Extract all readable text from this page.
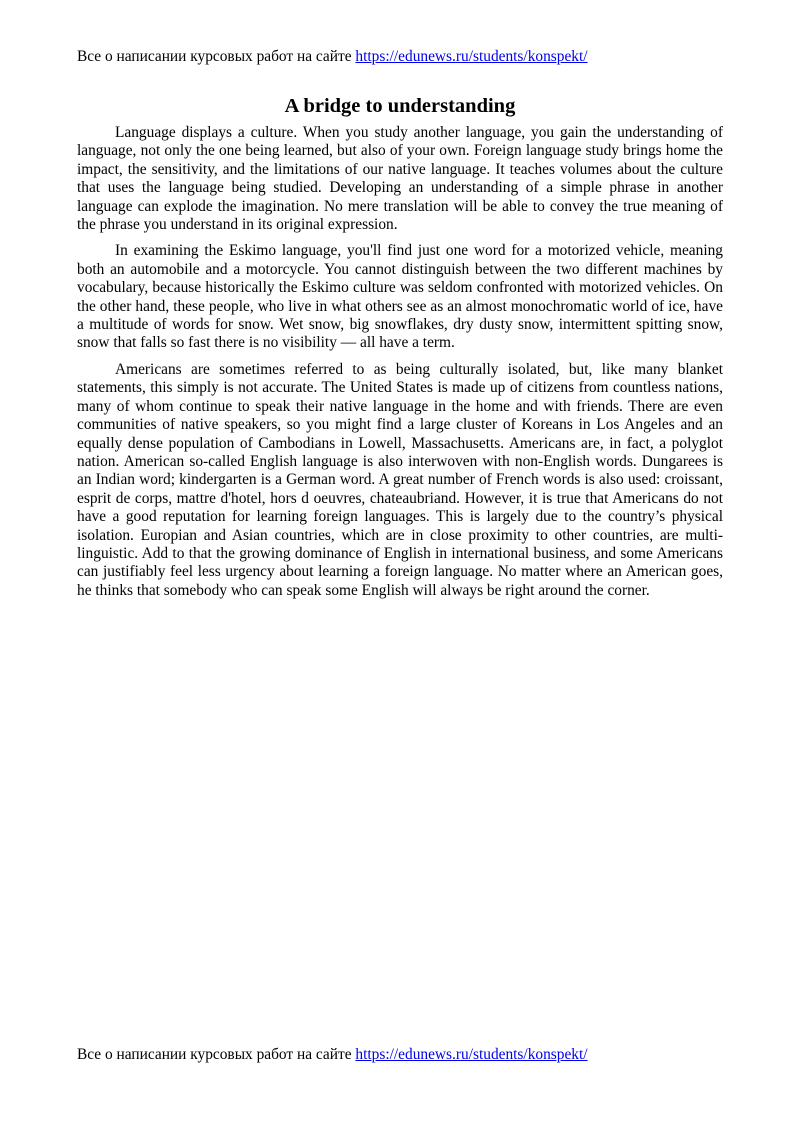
Все о написании курсовых работ на сайте https://edunews.ru/students/konspekt/
A bridge to understanding

Language displays a culture. When you study another language, you gain the understanding of language, not only the one being learned, but also of your own. Foreign language study brings home the impact, the sensitivity, and the limitations of our native language. It teaches volumes about the culture that uses the language being studied. Developing an understanding of a simple phrase in another language can explode the imagination. No mere translation will be able to convey the true meaning of the phrase you understand in its original expression.

In examining the Eskimo language, you'll find just one word for a motorized vehicle, meaning both an automobile and a motorcycle. You cannot distinguish between the two different machines by vocabulary, because historically the Eskimo culture was seldom confronted with motorized vehicles. On the other hand, these people, who live in what others see as an almost monochromatic world of ice, have a multitude of words for snow. Wet snow, big snowflakes, dry dusty snow, intermittent spitting snow, snow that falls so fast there is no visibility — all have a term.

Americans are sometimes referred to as being culturally isolated, but, like many blanket statements, this simply is not accurate. The United States is made up of citizens from countless nations, many of whom continue to speak their native language in the home and with friends. There are even communities of native speakers, so you might find a large cluster of Koreans in Los Angeles and an equally dense population of Cambodians in Lowell, Massachusetts. Americans are, in fact, a polyglot nation. American so-called English language is also interwoven with non-English words. Dungarees is an Indian word; kindergarten is a German word. A great number of French words is also used: croissant, esprit de corps, mattre d'hotel, hors d oeuvres, chateaubriand. However, it is true that Americans do not have a good reputation for learning foreign languages. This is largely due to the country’s physical isolation. Europian and Asian countries, which are in close proximity to other countries, are multi-linguistic. Add to that the growing dominance of English in international business, and some Americans can justifiably feel less urgency about learning a foreign language. No matter where an American goes, he thinks that somebody who can speak some English will always be right around the corner.

Все о написании курсовых работ на сайте https://edunews.ru/students/konspekt/
